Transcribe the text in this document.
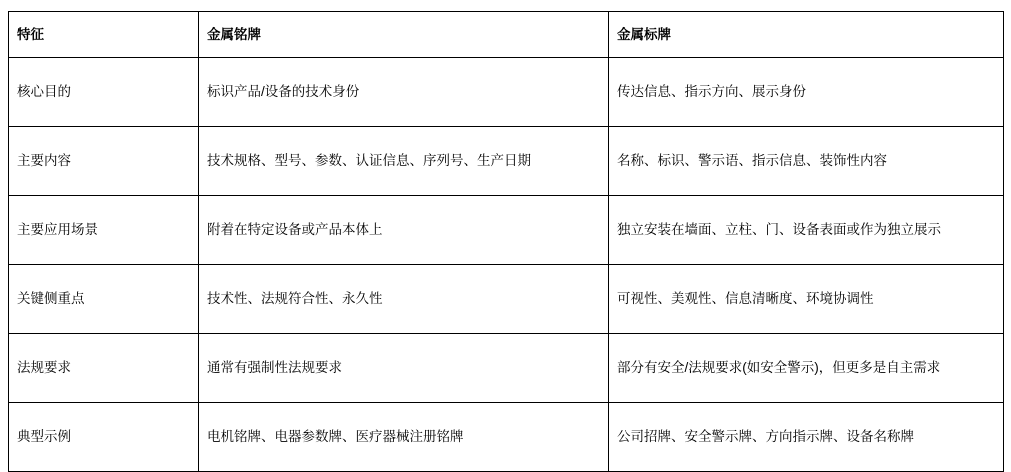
特征	金属铭牌	金属标牌
核心目的	标识产品/设备的技术身份	传达信息、指示方向、展示身份
主要内容	技术规格、型号、参数、认证信息、序列号、生产日期	名称、标识、警示语、指示信息、装饰性内容
主要应用场景	附着在特定设备或产品本体上	独立安装在墙面、立柱、门、设备表面或作为独立展示
关键侧重点	技术性、法规符合性、永久性	可视性、美观性、信息清晰度、环境协调性
法规要求	通常有强制性法规要求	部分有安全/法规要求(如安全警示)，但更多是自主需求
典型示例	电机铭牌、电器参数牌、医疗器械注册铭牌	公司招牌、安全警示牌、方向指示牌、设备名称牌
